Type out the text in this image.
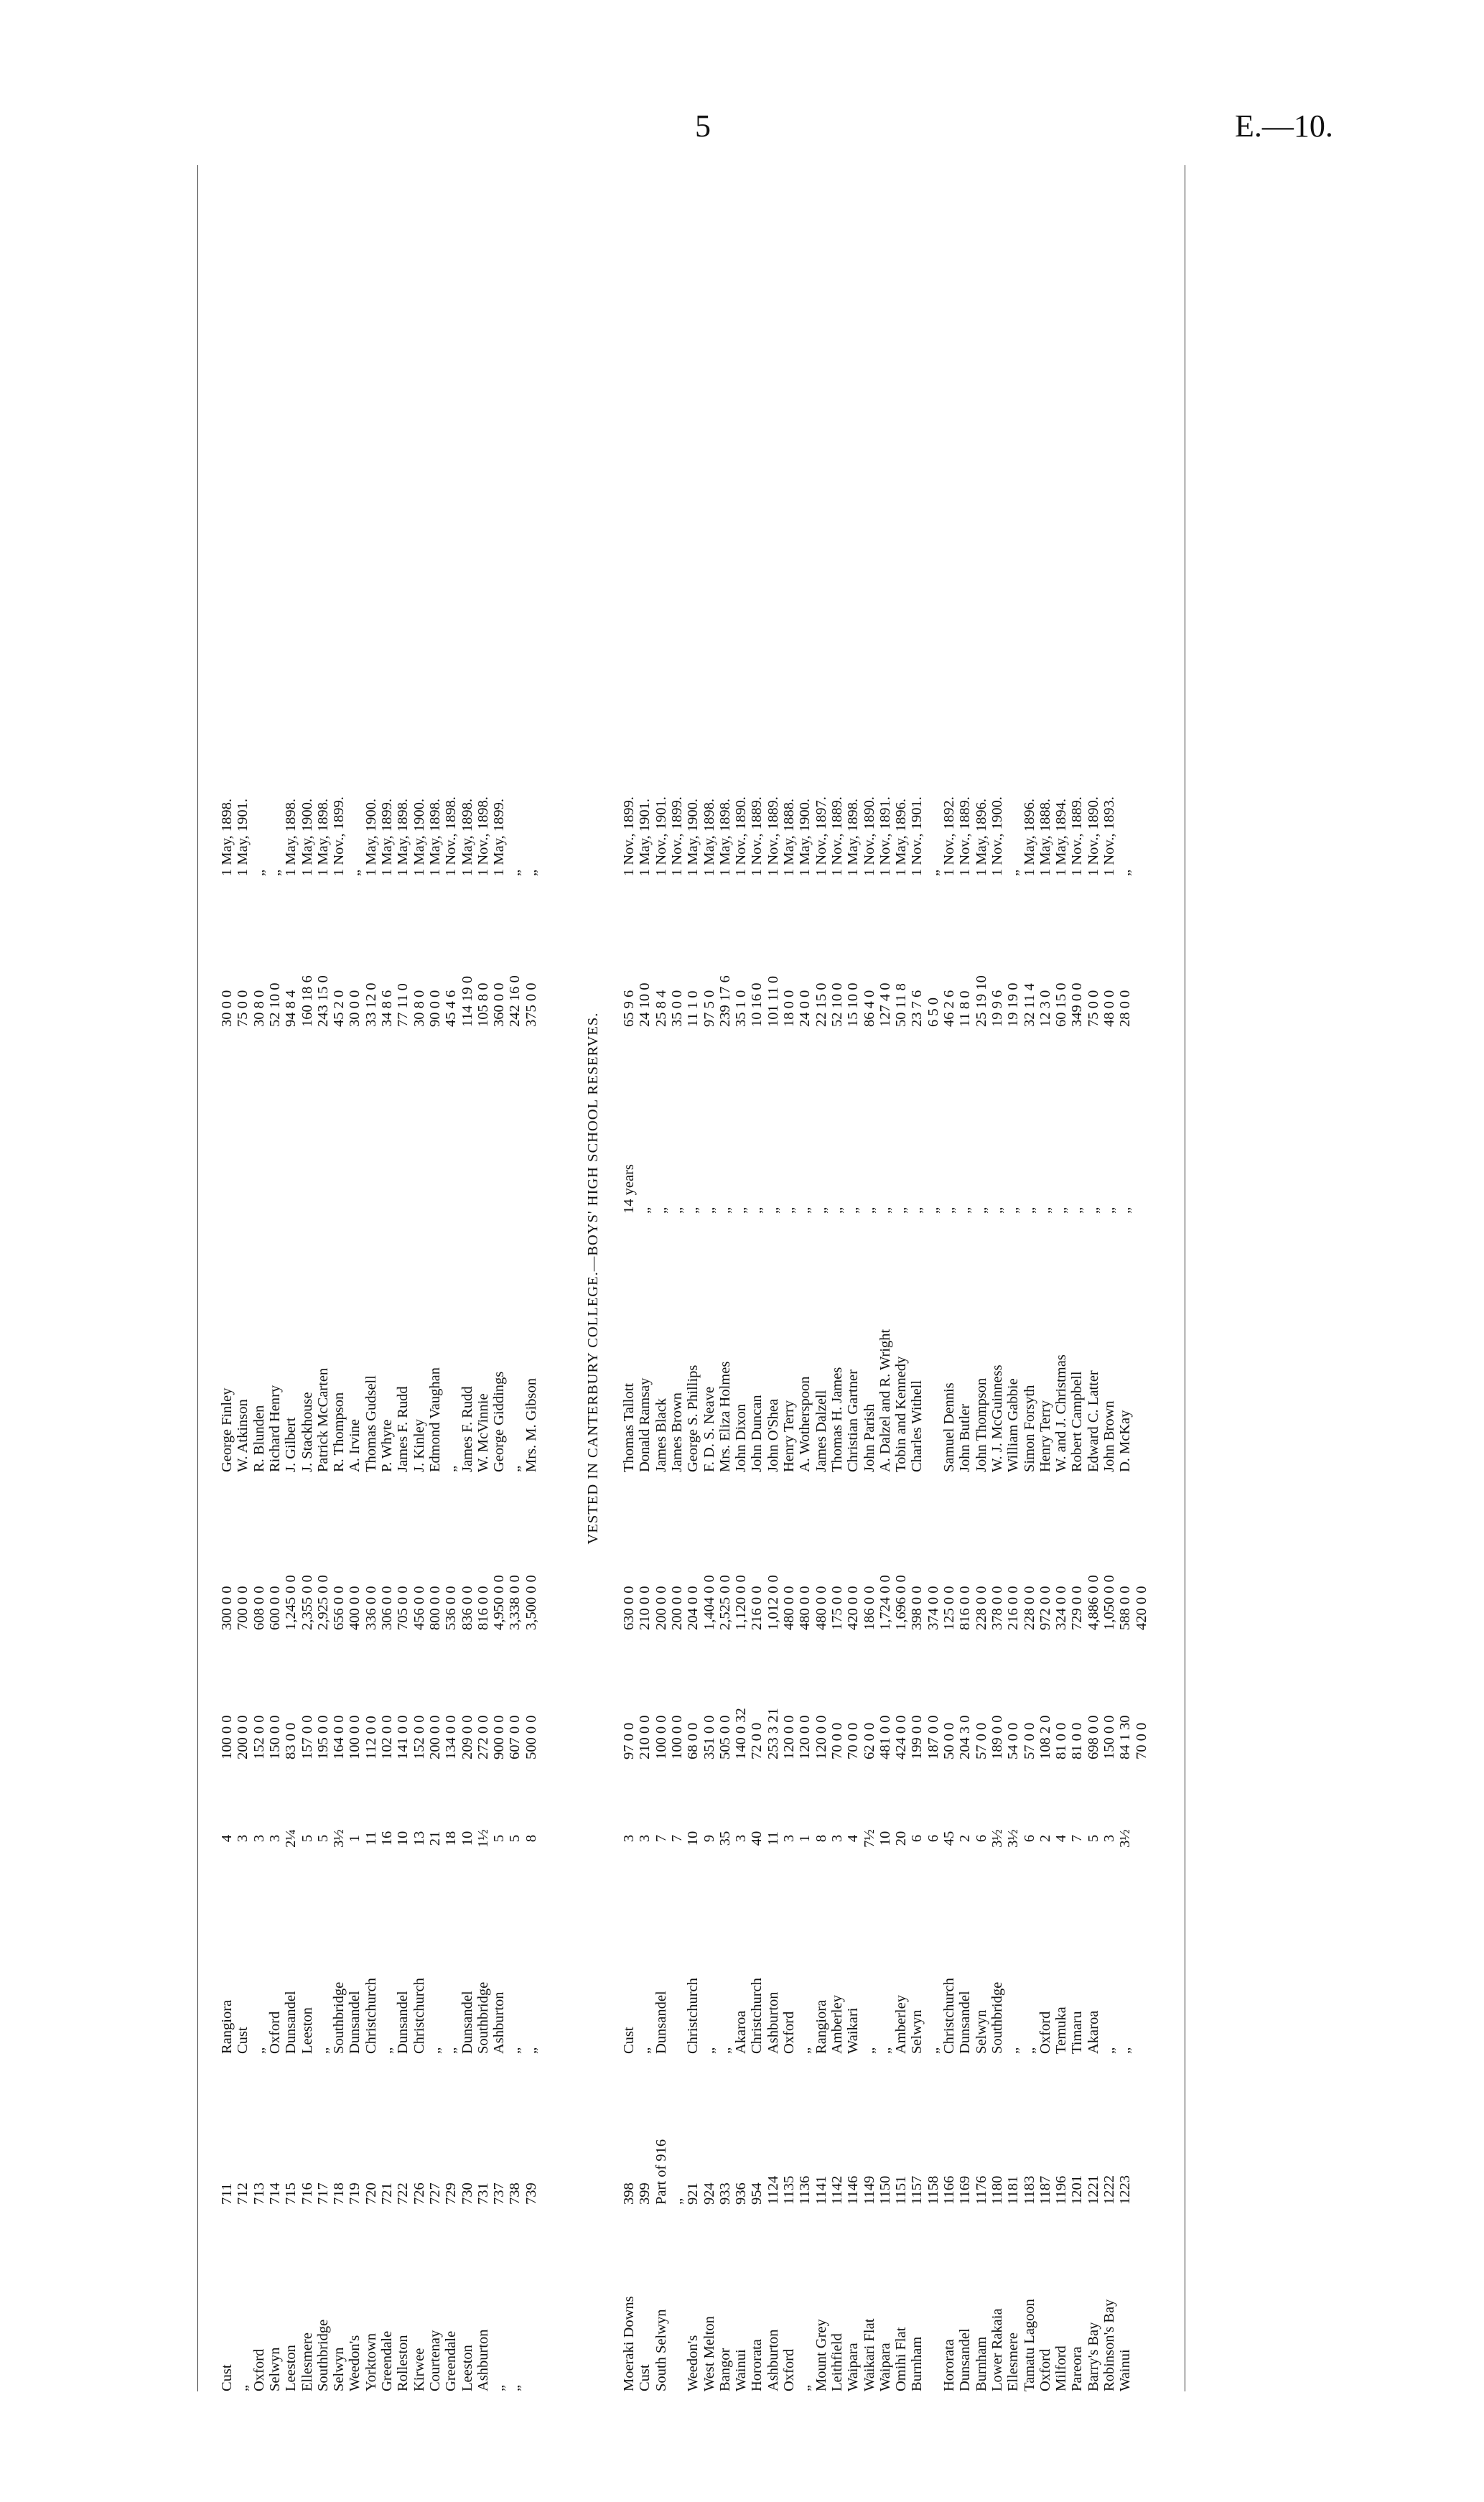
5	E.—10.
Cust
711
Rangiora
4
100 0 0
300 0 0
George Finley
30 0 0
1 May, 1898.
„
712
Cust
3
200 0 0
700 0 0
W. Atkinson
75 0 0
1 May, 1901.
Oxford
713
„
3
152 0 0
608 0 0
R. Blunden
30 8 0
„
Selwyn
714
Oxford
3
150 0 0
600 0 0
Richard Henry
52 10 0
„
Leeston
715
Dunsandel
2¼
83 0 0
1,245 0 0
J. Gilbert
94 8 4
1 May, 1898.
Ellesmere
716
Leeston
5
157 0 0
2,355 0 0
J. Stackhouse
160 18 6
1 May, 1900.
Southbridge
717
„
5
195 0 0
2,925 0 0
Patrick McCarten
243 15 0
1 May, 1898.
Selwyn
718
Southbridge
3½
164 0 0
656 0 0
R. Thompson
45 2 0
1 Nov., 1899.
Weedon's
719
Dunsandel
1
100 0 0
400 0 0
A. Irvine
30 0 0
„
Yorktown
720
Christchurch
11
112 0 0
336 0 0
Thomas Gudsell
33 12 0
1 May, 1900.
Greendale
721
„
16
102 0 0
306 0 0
P. Whyte
34 8 6
1 May, 1899.
Rolleston
722
Dunsandel
10
141 0 0
705 0 0
James F. Rudd
77 11 0
1 May, 1898.
Kirwee
726
Christchurch
13
152 0 0
456 0 0
J. Kinley
30 8 0
1 May, 1900.
Courtenay
727
„
21
200 0 0
800 0 0
Edmond Vaughan
90 0 0
1 May, 1898.
Greendale
729
„
18
134 0 0
536 0 0
„
45 4 6
1 Nov., 1898.
Leeston
730
Dunsandel
10
209 0 0
836 0 0
James F. Rudd
114 19 0
1 May, 1898.
Ashburton
731
Southbridge
1½
272 0 0
816 0 0
W. McVinnie
105 8 0
1 Nov., 1898.
„
737
Ashburton
5
900 0 0
4,950 0 0
George Giddings
360 0 0
1 May, 1899.
„
738
„
5
607 0 0
3,338 0 0
„
242 16 0
„
739
„
8
500 0 0
3,500 0 0
Mrs. M. Gibson
375 0 0
„
VESTED IN CANTERBURY COLLEGE.—BOYS' HIGH SCHOOL RESERVES.
Moeraki Downs
398
Cust
3
97 0 0
630 0 0
Thomas Tallott
14 years
65 9 6
1 Nov., 1899.
Cust
399
„
3
210 0 0
210 0 0
Donald Ramsay
„
24 10 0
1 May, 1901.
South Selwyn
Part of 916
Dunsandel
7
100 0 0
200 0 0
James Black
„
25 8 4
1 Nov., 1901.
„
7
100 0 0
200 0 0
James Brown
„
35 0 0
1 Nov., 1899.
Weedon's
921
Christchurch
10
68 0 0
204 0 0
George S. Phillips
„
11 1 0
1 May, 1900.
West Melton
924
„
9
351 0 0
1,404 0 0
F. D. S. Neave
„
97 5 0
1 May, 1898.
Bangor
933
„
35
505 0 0
2,525 0 0
Mrs. Eliza Holmes
„
239 17 6
1 May, 1898.
Wainui
936
Akaroa
3
140 0 32
1,120 0 0
John Dixon
„
35 1 0
1 Nov., 1890.
Hororata
954
Christchurch
40
72 0 0
216 0 0
John Duncan
„
10 16 0
1 Nov., 1889.
Ashburton
1124
Ashburton
11
253 3 21
1,012 0 0
John O'Shea
„
101 11 0
1 Nov., 1889.
Oxford
1135
Oxford
3
120 0 0
480 0 0
Henry Terry
„
18 0 0
1 May, 1888.
„
1136
„
1
120 0 0
480 0 0
A. Wotherspoon
„
24 0 0
1 May, 1900.
Mount Grey
1141
Rangiora
8
120 0 0
480 0 0
James Dalzell
„
22 15 0
1 Nov., 1897.
Leithfield
1142
Amberley
3
70 0 0
175 0 0
Thomas H. James
„
52 10 0
1 Nov., 1889.
Waipara
1146
Waikari
4
70 0 0
420 0 0
Christian Gartner
„
15 10 0
1 May, 1898.
Waikari Flat
1149
„
7½
62 0 0
186 0 0
John Parish
„
86 4 0
1 Nov., 1890.
Waipara
1150
„
10
481 0 0
1,724 0 0
A. Dalzel and R. Wright
„
127 4 0
1 Nov., 1891.
Omihi Flat
1151
Amberley
20
424 0 0
1,696 0 0
Tobin and Kennedy
„
50 11 8
1 May, 1896.
Burnham
1157
Selwyn
6
199 0 0
398 0 0
Charles Withell
„
23 7 6
1 Nov., 1901.
1158
„
6
187 0 0
374 0 0
„
6 5 0
„
Hororata
1166
Christchurch
45
50 0 0
125 0 0
Samuel Dennis
„
46 2 6
1 Nov., 1892.
Dunsandel
1169
Dunsandel
2
204 3 0
816 0 0
John Butler
„
11 8 0
1 Nov., 1889.
Burnham
1176
Selwyn
6
57 0 0
228 0 0
John Thompson
„
25 19 10
1 May, 1896.
Lower Rakaia
1180
Southbridge
3½
189 0 0
378 0 0
W. J. McGuinness
„
19 9 6
1 Nov., 1900.
Ellesmere
1181
„
3½
54 0 0
216 0 0
William Gabbie
„
19 19 0
„
Tamatu Lagoon
1183
„
6
57 0 0
228 0 0
Simon Forsyth
„
32 11 4
1 May, 1896.
Oxford
1187
Oxford
2
108 2 0
972 0 0
Henry Terry
„
12 3 0
1 May, 1888.
Milford
1196
Temuka
4
81 0 0
324 0 0
W. and J. Christmas
„
60 15 0
1 May, 1894.
Pareora
1201
Timaru
7
81 0 0
729 0 0
Robert Campbell
„
349 0 0
1 Nov., 1889.
Barry's Bay
1221
Akaroa
5
698 0 0
4,886 0 0
Edward C. Latter
„
75 0 0
1 Nov., 1890.
Robinson's Bay
1222
„
3
150 0 0
1,050 0 0
John Brown
„
48 0 0
1 Nov., 1893.
Wainui
1223
„
3½
84 1 30
588 0 0
D. McKay
„
28 0 0
„
70 0 0
420 0 0
